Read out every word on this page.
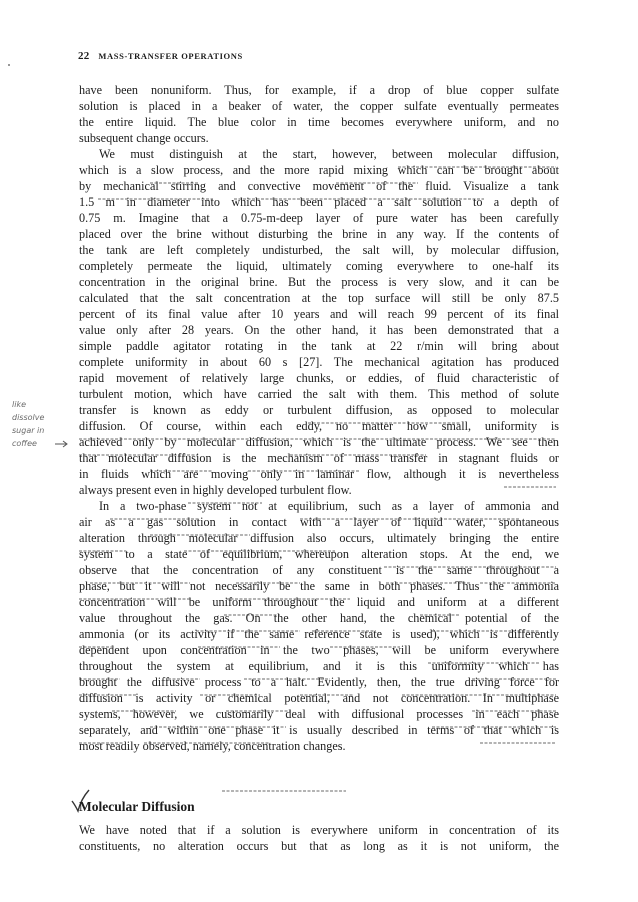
22 MASS-TRANSFER OPERATIONS
have been nonuniform. Thus, for example, if a drop of blue copper sulfate
solution is placed in a beaker of water, the copper sulfate eventually permeates
the entire liquid. The blue color in time becomes everywhere uniform, and no
subsequent change occurs.
We must distinguish at the start, however, between molecular diffusion,
which is a slow process, and the more rapid mixing which can be brought about
by mechanical stirring and convective movement of the fluid. Visualize a tank
1.5 m in diameter into which has been placed a salt solution to a depth of
0.75 m. Imagine that a 0.75-m-deep layer of pure water has been carefully
placed over the brine without disturbing the brine in any way. If the contents of
the tank are left completely undisturbed, the salt will, by molecular diffusion,
completely permeate the liquid, ultimately coming everywhere to one-half its
concentration in the original brine. But the process is very slow, and it can be
calculated that the salt concentration at the top surface will still be only 87.5
percent of its final value after 10 years and will reach 99 percent of its final
value only after 28 years. On the other hand, it has been demonstrated that a
simple paddle agitator rotating in the tank at 22 r/min will bring about
complete uniformity in about 60 s [27]. The mechanical agitation has produced
rapid movement of relatively large chunks, or eddies, of fluid characteristic of
turbulent motion, which have carried the salt with them. This method of solute
transfer is known as eddy or turbulent diffusion, as opposed to molecular
diffusion. Of course, within each eddy, no matter how small, uniformity is
achieved only by molecular diffusion, which is the ultimate process. We see then
that molecular diffusion is the mechanism of mass transfer in stagnant fluids or
in fluids which are moving only in laminar flow, although it is nevertheless
always present even in highly developed turbulent flow.
In a two-phase system not at equilibrium, such as a layer of ammonia and
air as a gas solution in contact with a layer of liquid water, spontaneous
alteration through molecular diffusion also occurs, ultimately bringing the entire
system to a state of equilibrium, whereupon alteration stops. At the end, we
observe that the concentration of any constituent is the same throughout a
phase, but it will not necessarily be the same in both phases. Thus the ammonia
concentration will be uniform throughout the liquid and uniform at a different
value throughout the gas. On the other hand, the chemical potential of the
ammonia (or its activity if the same reference state is used), which is differently
dependent upon concentration in the two phases, will be uniform everywhere
throughout the system at equilibrium, and it is this uniformity which has
brought the diffusive process to a halt. Evidently, then, the true driving force for
diffusion is activity or chemical potential, and not concentration. In multiphase
systems, however, we customarily deal with diffusional processes in each phase
separately, and within one phase it is usually described in terms of that which is
most readily observed, namely, concentration changes.
like
dissolve
sugar in
coffee
Molecular Diffusion
We have noted that if a solution is everywhere uniform in concentration of its
constituents, no alteration occurs but that as long as it is not uniform, the
